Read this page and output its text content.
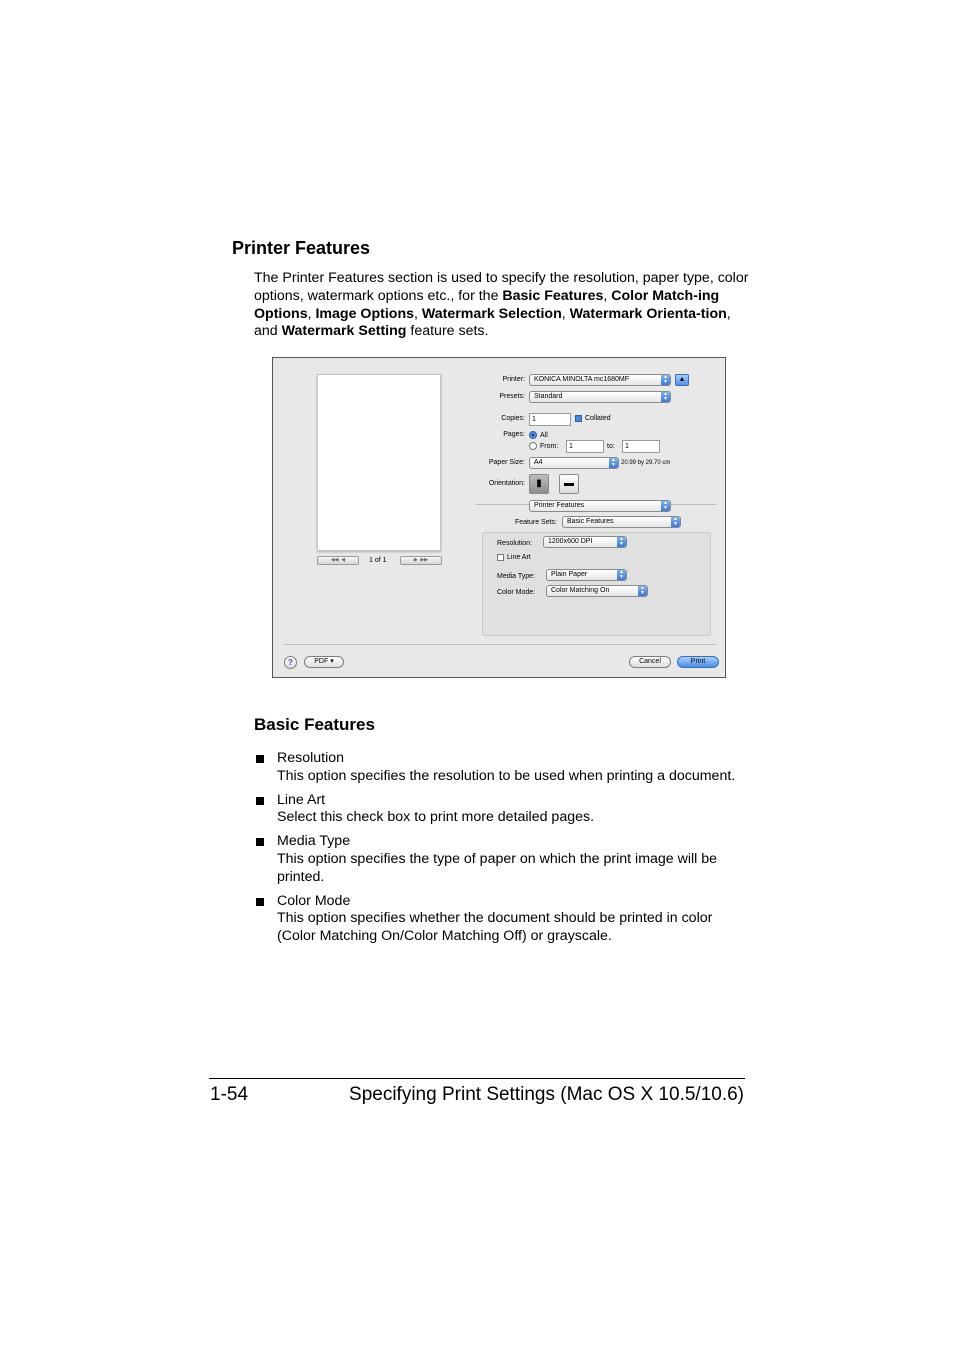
Printer Features

The Printer Features section is used to specify the resolution, paper type, color options, watermark options etc., for the Basic Features, Color Match-ing Options, Image Options, Watermark Selection, Watermark Orienta-tion, and Watermark Setting feature sets.

◀◀  ◀	1 of 1	▶  ▶▶
Printer:	KONICA MINOLTA mc1680MF	▲
▼	▲
Presets:	Standard	▲
▼
Copies:	1	Collated
Pages: All
From:	1	to:	1
Paper Size:	A4	▲
▼ 20.99 by 29.70 cm
Orientation:	▮	▬
Printer Features	▲
▼
Feature Sets:	Basic Features	▲
▼
Resolution:	1200x600 DPI	▲
▼
Line Art
Media Type:	Plain Paper	▲
▼
Color Mode:	Color Matching On	▲
▼
?	PDF ▾	Cancel	Print
Basic Features
Resolution
This option specifies the resolution to be used when printing a document.
Line Art
Select this check box to print more detailed pages.
Media Type
This option specifies the type of paper on which the print image will be printed.
Color Mode
This option specifies whether the document should be printed in color (Color Matching On/Color Matching Off) or grayscale.
1-54	Specifying Print Settings (Mac OS X 10.5/10.6)
